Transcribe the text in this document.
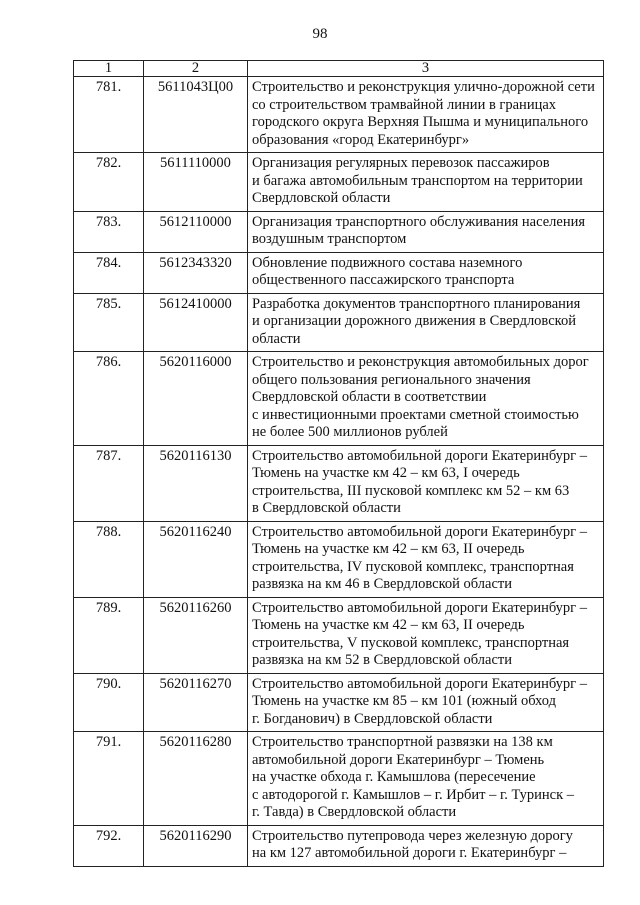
98
1	2	3
781.	5611043Ц00	Строительство и реконструкция улично-дорожной сети
со строительством трамвайной линии в границах
городского округа Верхняя Пышма и муниципального
образования «город Екатеринбург»
782.	5611110000	Организация регулярных перевозок пассажиров
и багажа автомобильным транспортом на территории
Свердловской области
783.	5612110000	Организация транспортного обслуживания населения
воздушным транспортом
784.	5612343320	Обновление подвижного состава наземного
общественного пассажирского транспорта
785.	5612410000	Разработка документов транспортного планирования
и организации дорожного движения в Свердловской
области
786.	5620116000	Строительство и реконструкция автомобильных дорог
общего пользования регионального значения
Свердловской области в соответствии
с инвестиционными проектами сметной стоимостью
не более 500 миллионов рублей
787.	5620116130	Строительство автомобильной дороги Екатеринбург –
Тюмень на участке км 42 – км 63, I очередь
строительства, III пусковой комплекс км 52 – км 63
в Свердловской области
788.	5620116240	Строительство автомобильной дороги Екатеринбург –
Тюмень на участке км 42 – км 63, II очередь
строительства, IV пусковой комплекс, транспортная
развязка на км 46 в Свердловской области
789.	5620116260	Строительство автомобильной дороги Екатеринбург –
Тюмень на участке км 42 – км 63, II очередь
строительства, V пусковой комплекс, транспортная
развязка на км 52 в Свердловской области
790.	5620116270	Строительство автомобильной дороги Екатеринбург –
Тюмень на участке км 85 – км 101 (южный обход
г. Богданович) в Свердловской области
791.	5620116280	Строительство транспортной развязки на 138 км
автомобильной дороги Екатеринбург – Тюмень
на участке обхода г. Камышлова (пересечение
с автодорогой г. Камышлов – г. Ирбит – г. Туринск –
г. Тавда) в Свердловской области
792.	5620116290	Строительство путепровода через железную дорогу
на км 127 автомобильной дороги г. Екатеринбург –
